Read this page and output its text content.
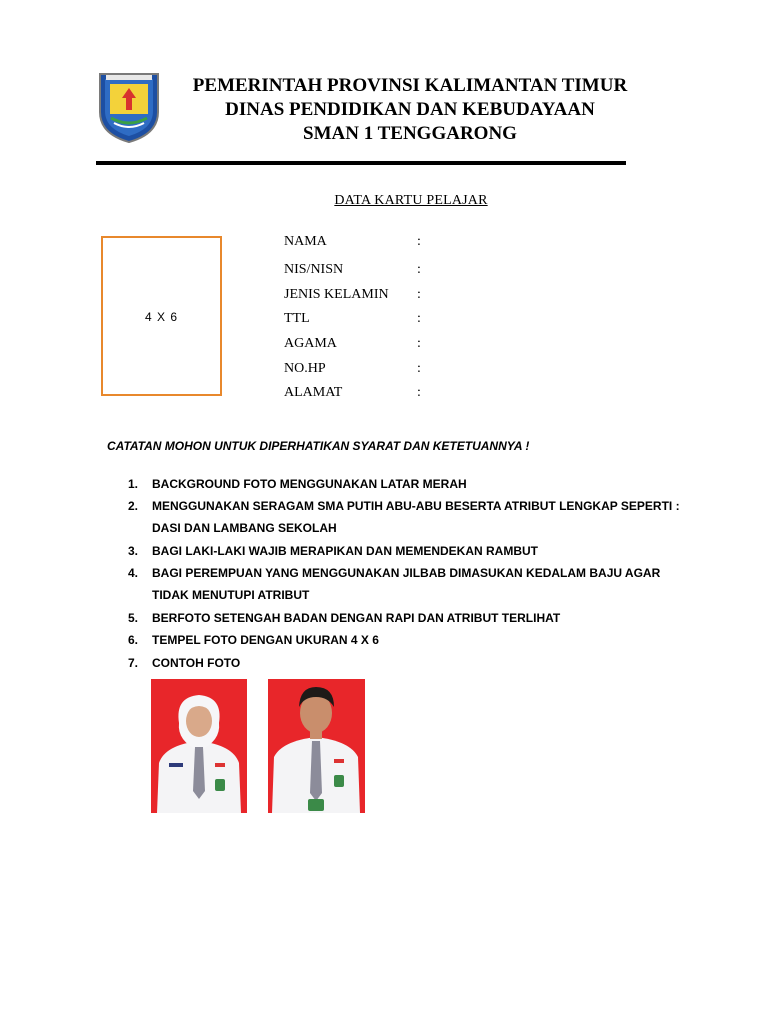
PEMERINTAH PROVINSI KALIMANTAN TIMUR
DINAS PENDIDIKAN DAN KEBUDAYAAN
SMAN 1 TENGGARONG
DATA KARTU PELAJAR
4 X 6
NAMA	:
NIS/NISN	:
JENIS KELAMIN :
TTL	:
AGAMA	:
NO.HP	:
ALAMAT	:
CATATAN MOHON UNTUK DIPERHATIKAN SYARAT DAN KETETUANNYA !
1. BACKGROUND FOTO MENGGUNAKAN LATAR MERAH
2. MENGGUNAKAN SERAGAM SMA PUTIH ABU-ABU BESERTA ATRIBUT LENGKAP SEPERTI :
DASI DAN LAMBANG SEKOLAH
3. BAGI LAKI-LAKI WAJIB MERAPIKAN DAN MEMENDEKAN RAMBUT
4. BAGI PEREMPUAN YANG MENGGUNAKAN JILBAB DIMASUKAN KEDALAM BAJU AGAR
TIDAK MENUTUPI ATRIBUT
5. BERFOTO SETENGAH BADAN DENGAN RAPI DAN ATRIBUT TERLIHAT
6. TEMPEL FOTO DENGAN UKURAN 4 X 6
7. CONTOH FOTO
